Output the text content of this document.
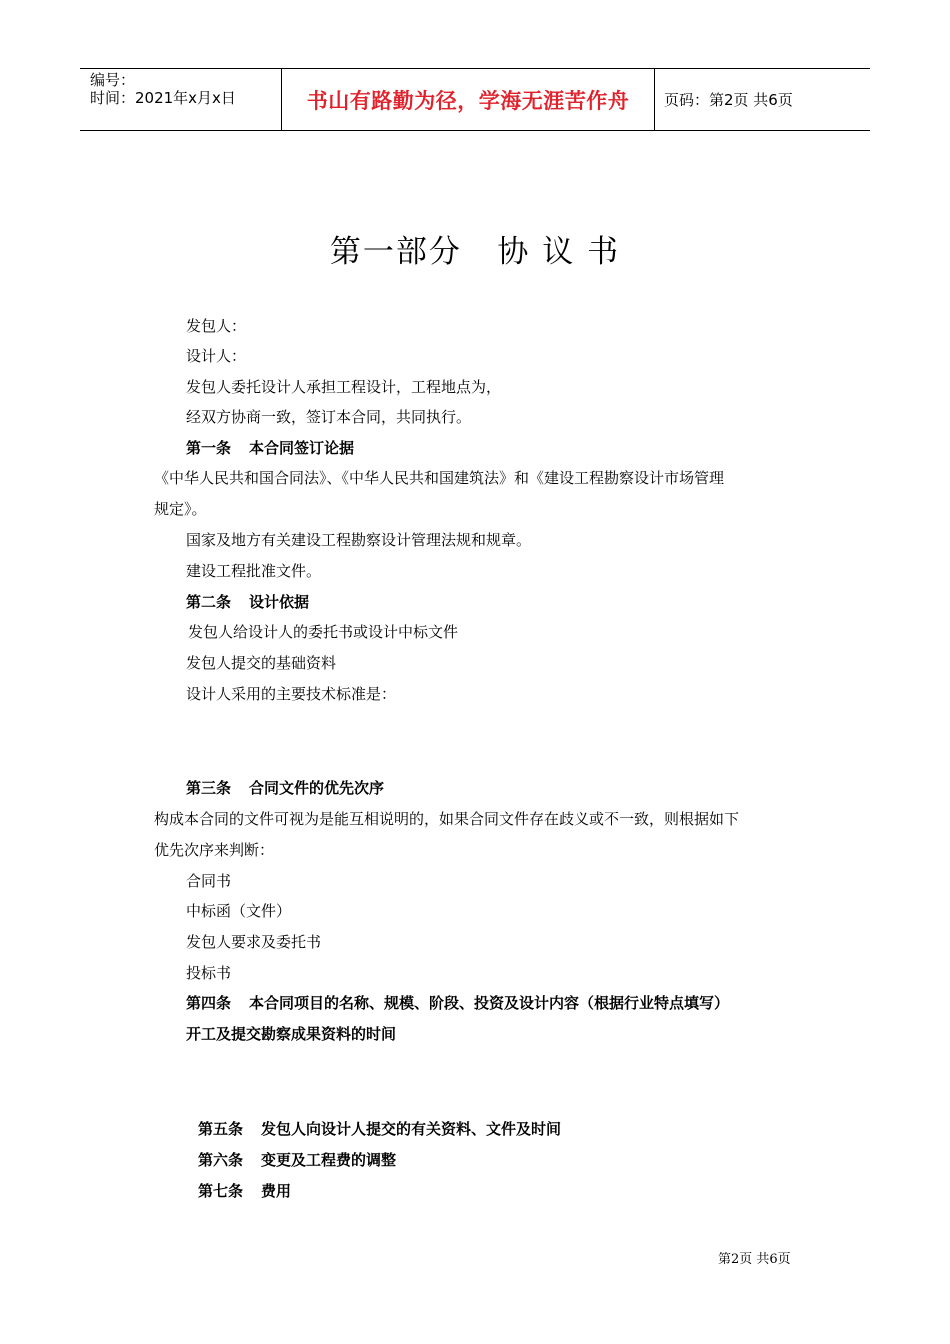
编号：
时间：2021年x月x日	书山有路勤为径，学海无涯苦作舟	页码：第2页 共6页
第一部分   协 议 书
发包人：
设计人：
发包人委托设计人承担工程设计，工程地点为，
经双方协商一致，签订本合同，共同执行。
第一条 本合同签订论据
《中华人民共和国合同法》、《中华人民共和国建筑法》和《建设工程勘察设计市场管理
规定》。
国家及地方有关建设工程勘察设计管理法规和规章。
建设工程批准文件。
第二条 设计依据
发包人给设计人的委托书或设计中标文件
发包人提交的基础资料
设计人采用的主要技术标准是：
第三条 合同文件的优先次序
构成本合同的文件可视为是能互相说明的，如果合同文件存在歧义或不一致，则根据如下
优先次序来判断：
合同书
中标函（文件）
发包人要求及委托书
投标书
第四条 本合同项目的名称、规模、阶段、投资及设计内容（根据行业特点填写）
开工及提交勘察成果资料的时间
第五条 发包人向设计人提交的有关资料、文件及时间
第六条 变更及工程费的调整
第七条 费用
第2页 共6页
